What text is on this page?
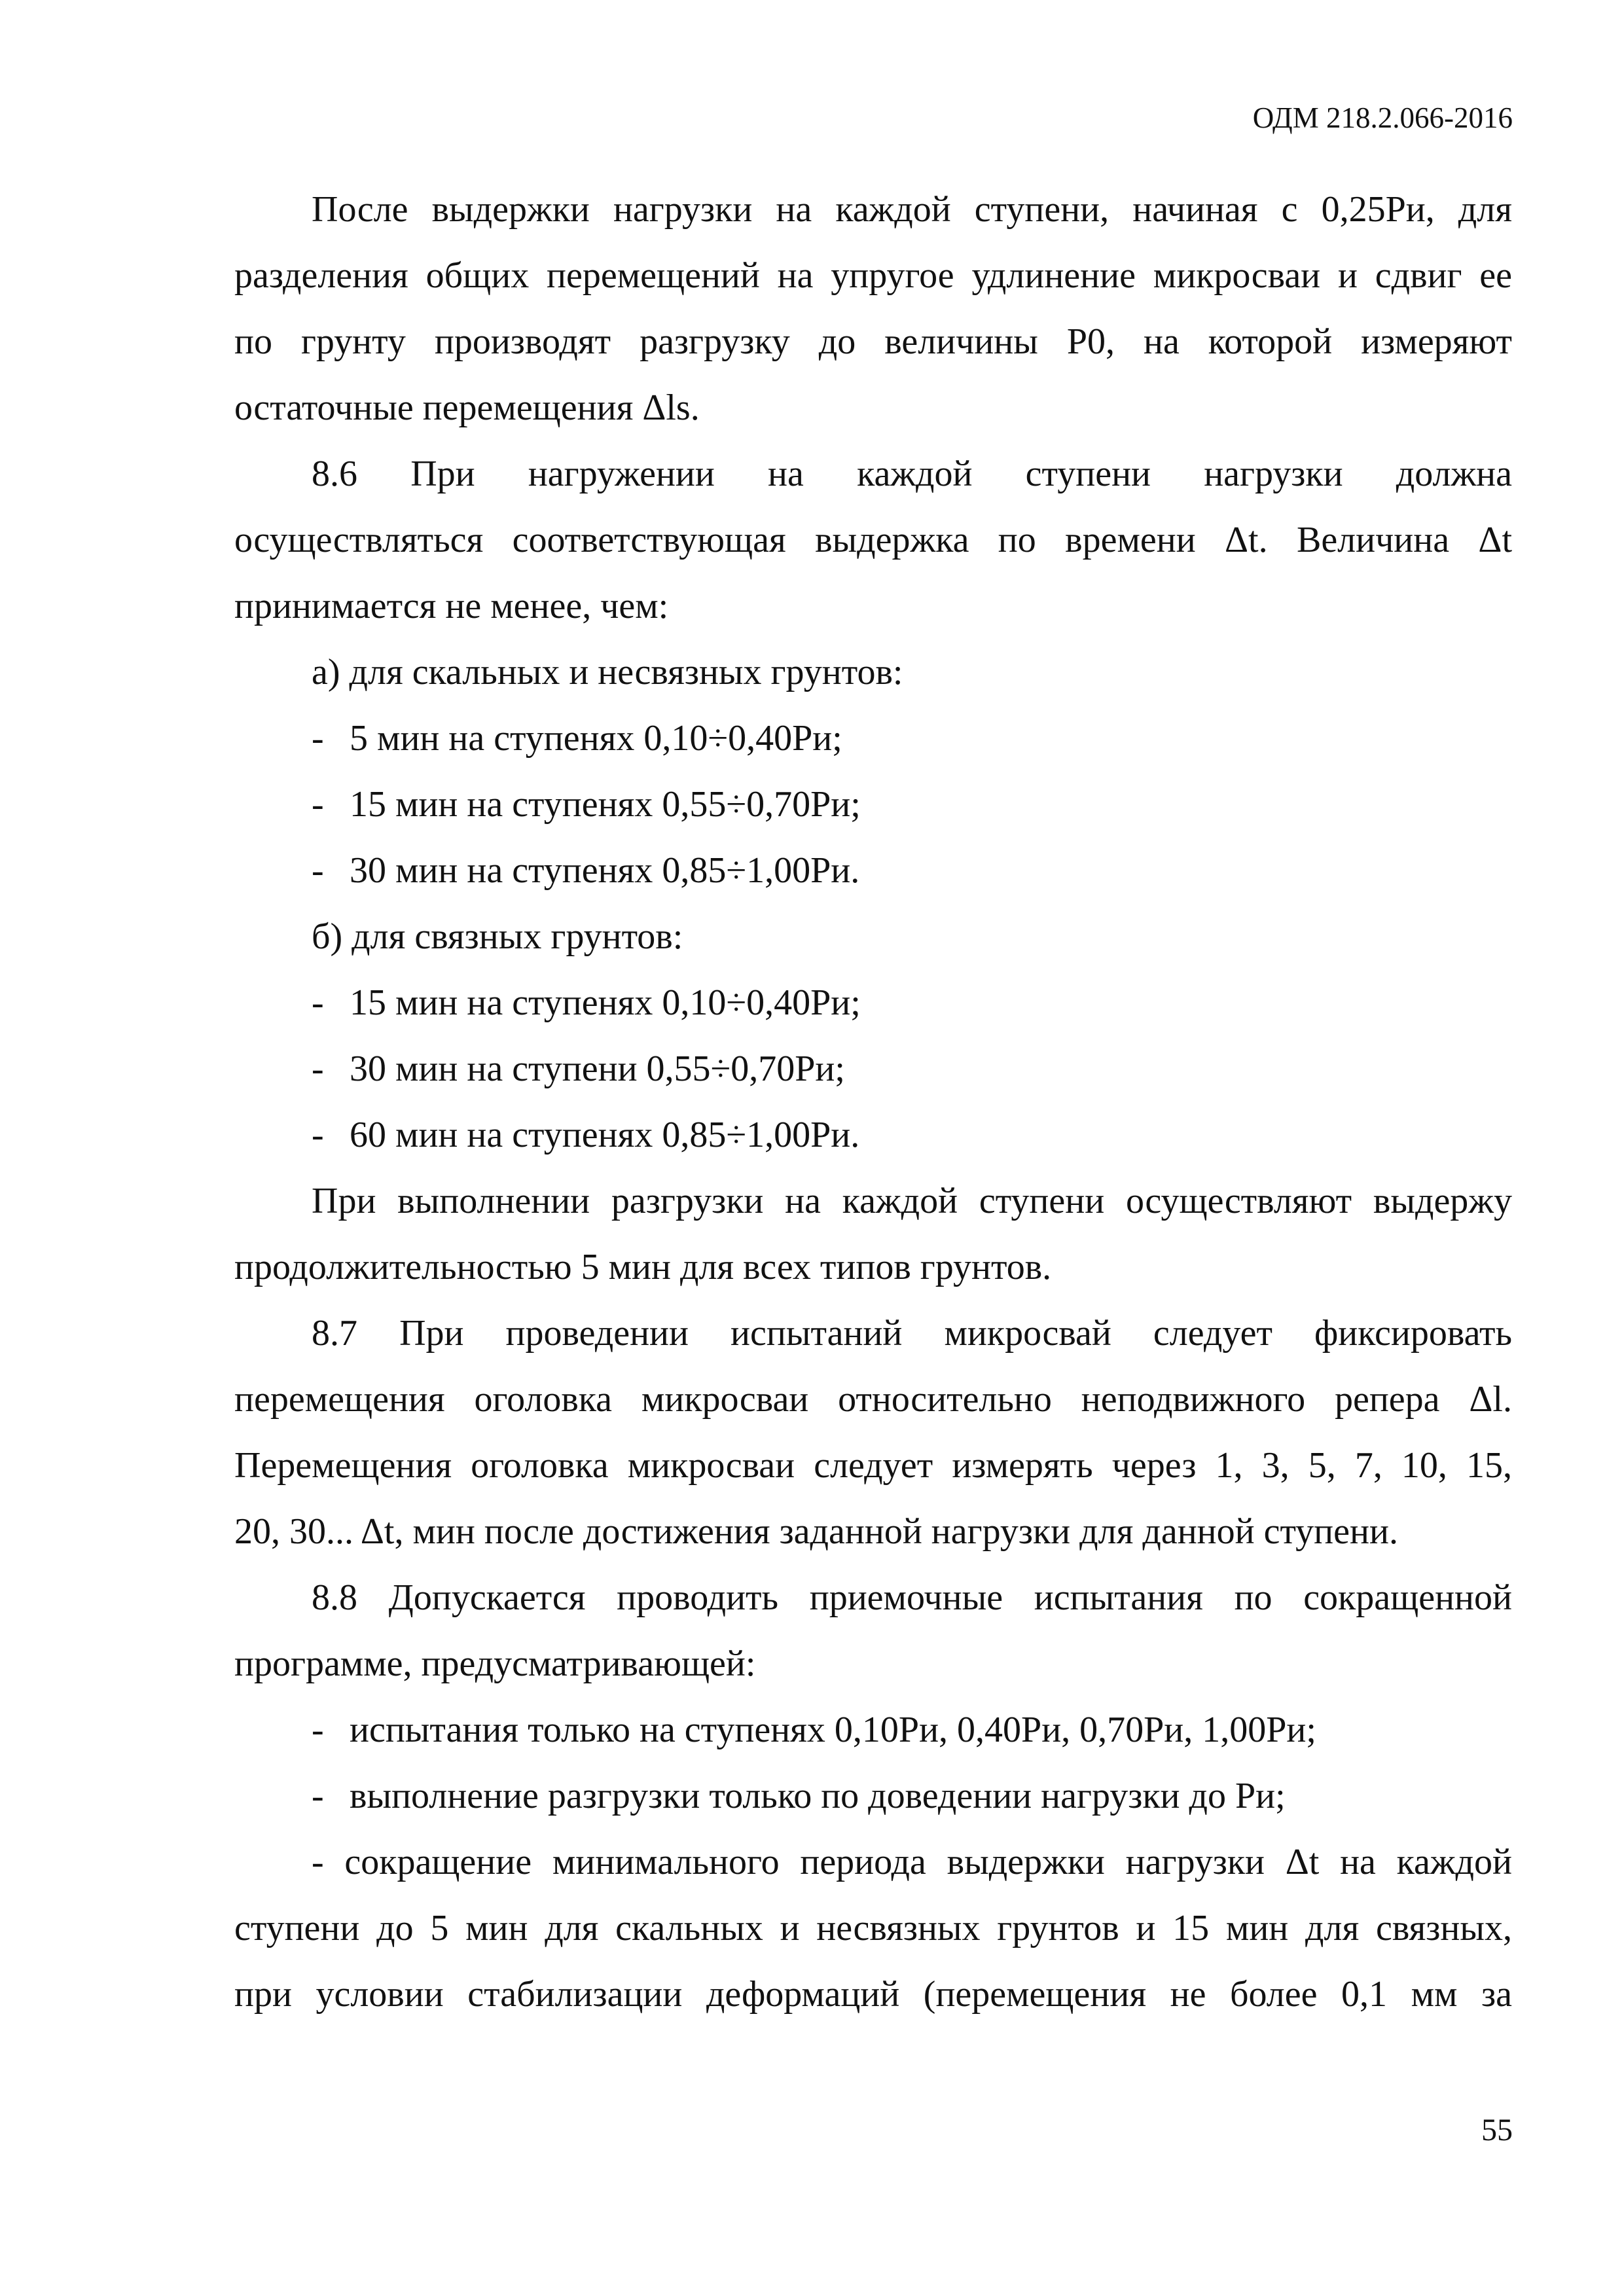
ОДМ 218.2.066-2016

После выдержки нагрузки на каждой ступени, начиная с 0,25Pи, для

разделения общих перемещений на упругое удлинение микросваи и сдвиг ее

по грунту производят разгрузку до величины P0, на которой измеряют

остаточные перемещения Δls.

8.6 При нагружении на каждой ступени нагрузки должна

осуществляться соответствующая выдержка по времени Δt. Величина Δt

принимается не менее, чем:

а) для скальных и несвязных грунтов:

- 5 мин на ступенях 0,10÷0,40Pи;

- 15 мин на ступенях 0,55÷0,70Pи;

- 30 мин на ступенях 0,85÷1,00Pи.

б) для связных грунтов:

- 15 мин на ступенях 0,10÷0,40Pи;

- 30 мин на ступени 0,55÷0,70Pи;

- 60 мин на ступенях 0,85÷1,00Pи.

При выполнении разгрузки на каждой ступени осуществляют выдержу

продолжительностью 5 мин для всех типов грунтов.

8.7 При проведении испытаний микросвай следует фиксировать

перемещения оголовка микросваи относительно неподвижного репера Δl.

Перемещения оголовка микросваи следует измерять через 1, 3, 5, 7, 10, 15,

20, 30... Δt, мин после достижения заданной нагрузки для данной ступени.

8.8 Допускается проводить приемочные испытания по сокращенной

программе, предусматривающей:

- испытания только на ступенях 0,10Pи, 0,40Pи, 0,70Pи, 1,00Pи;

- выполнение разгрузки только по доведении нагрузки до Pи;

- сокращение минимального периода выдержки нагрузки Δt на каждой

ступени до 5 мин для скальных и несвязных грунтов и 15 мин для связных,

при условии стабилизации деформаций (перемещения не более 0,1 мм за

55
